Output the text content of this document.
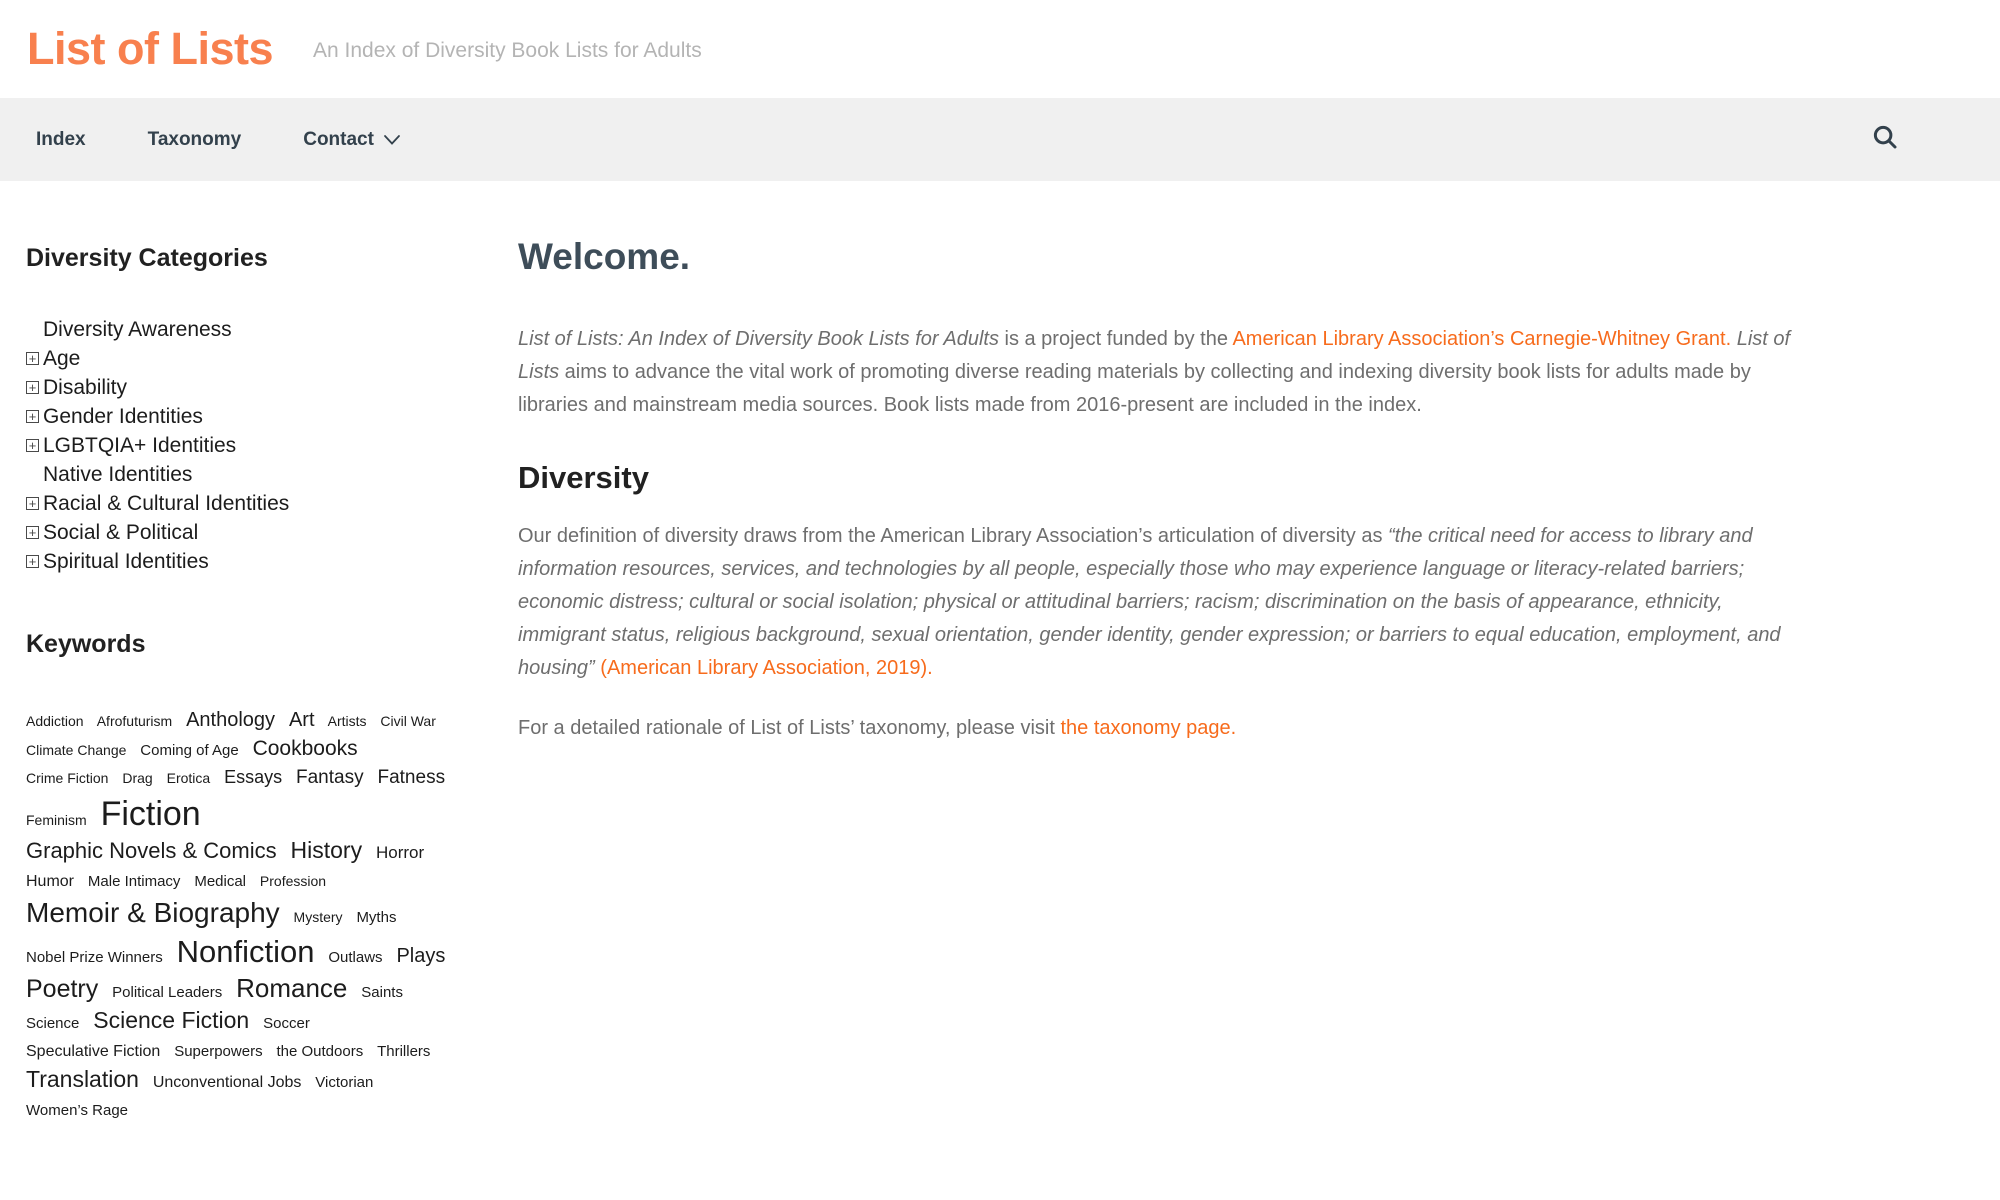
List of Lists An Index of Diversity Book Lists for Adults
Index	Taxonomy	Contact
Diversity Categories
Diversity Awareness
+
Age
+
Disability
+
Gender Identities
+
LGBTQIA+ Identities
Native Identities
+
Racial & Cultural Identities
+
Social & Political
+
Spiritual Identities
Keywords
Addiction Afrofuturism Anthology Art Artists Civil War Climate Change Coming of Age Cookbooks Crime Fiction Drag Erotica Essays Fantasy Fatness Feminism Fiction Graphic Novels & Comics History Horror Humor Male Intimacy Medical Profession Memoir & Biography Mystery Myths Nobel Prize Winners Nonfiction Outlaws Plays Poetry Political Leaders Romance Saints Science Science Fiction Soccer Speculative Fiction Superpowers the Outdoors Thrillers Translation Unconventional Jobs Victorian Women’s Rage
Welcome.

List of Lists: An Index of Diversity Book Lists for Adults is a project funded by the American Library Association’s Carnegie-Whitney Grant. List of Lists aims to advance the vital work of promoting diverse reading materials by collecting and indexing diversity book lists for adults made by libraries and mainstream media sources. Book lists made from 2016-present are included in the index.

Diversity

Our definition of diversity draws from the American Library Association’s articulation of diversity as “the critical need for access to library and information resources, services, and technologies by all people, especially those who may experience language or literacy-related barriers; economic distress; cultural or social isolation; physical or attitudinal barriers; racism; discrimination on the basis of appearance, ethnicity, immigrant status, religious background, sexual orientation, gender identity, gender expression; or barriers to equal education, employment, and housing” (American Library Association, 2019).

For a detailed rationale of List of Lists’ taxonomy, please visit the taxonomy page.
